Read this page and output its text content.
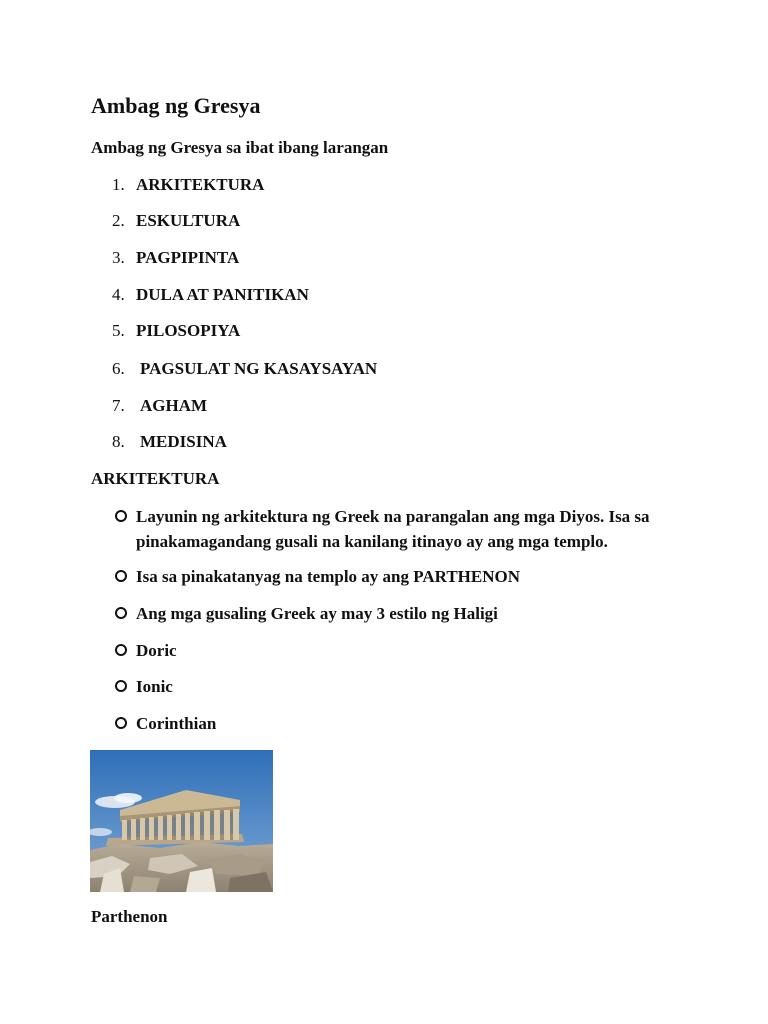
Ambag ng Gresya
Ambag ng Gresya sa ibat ibang larangan
1. ARKITEKTURA
2. ESKULTURA
3. PAGPIPINTA
4. DULA AT PANITIKAN
5. PILOSOPIYA
6. PAGSULAT NG KASAYSAYAN
7. AGHAM
8. MEDISINA
ARKITEKTURA
Layunin ng arkitektura ng Greek na parangalan ang mga Diyos. Isa sa pinakamagandang gusali na kanilang itinayo ay ang mga templo.
Isa sa pinakatanyag na templo ay ang PARTHENON
Ang mga gusaling Greek ay may 3 estilo ng Haligi
Doric
Ionic
Corinthian
Parthenon
